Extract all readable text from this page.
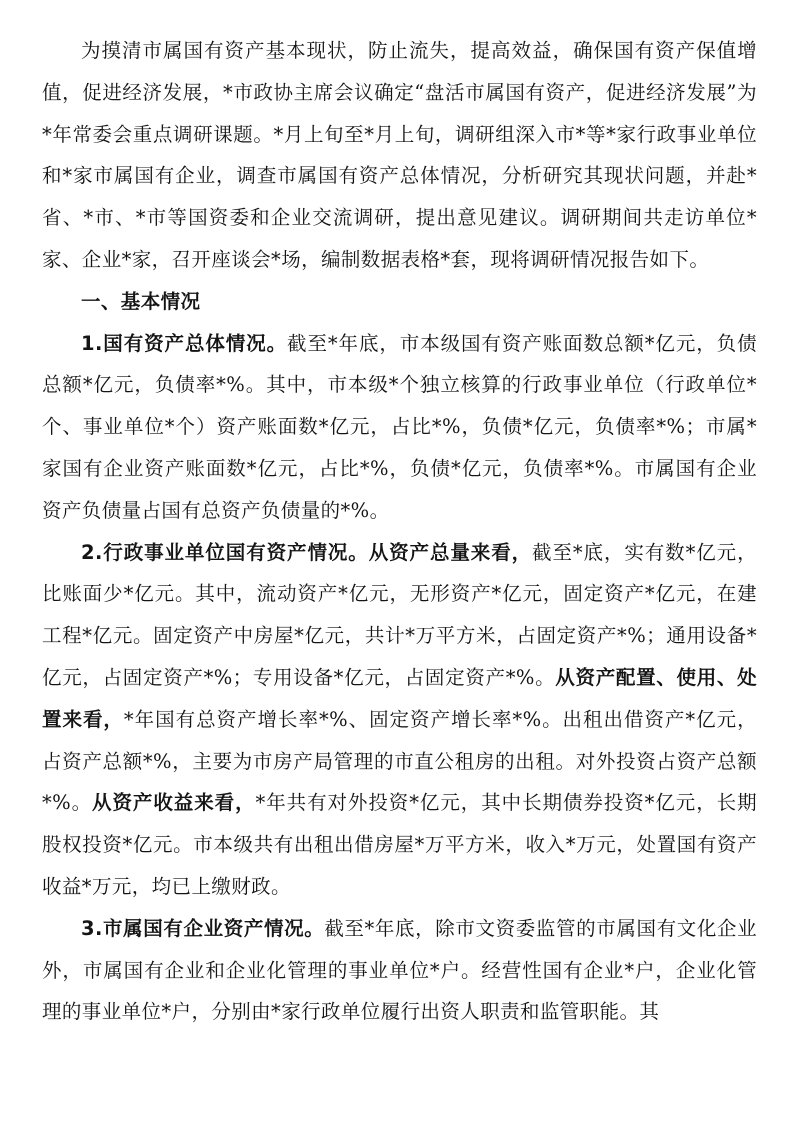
为摸清市属国有资产基本现状，防止流失，提高效益，确保国有资产保值增值，促进经济发展，*市政协主席会议确定“盘活市属国有资产，促进经济发展”为*年常委会重点调研课题。*月上旬至*月上旬，调研组深入市*等*家行政事业单位和*家市属国有企业，调查市属国有资产总体情况，分析研究其现状问题，并赴*省、*市、*市等国资委和企业交流调研，提出意见建议。调研期间共走访单位*家、企业*家，召开座谈会*场，编制数据表格*套，现将调研情况报告如下。

一、基本情况

1.国有资产总体情况。截至*年底，市本级国有资产账面数总额*亿元，负债总额*亿元，负债率*%。其中，市本级*个独立核算的行政事业单位（行政单位*个、事业单位*个）资产账面数*亿元，占比*%，负债*亿元，负债率*%；市属*家国有企业资产账面数*亿元，占比*%，负债*亿元，负债率*%。市属国有企业资产负债量占国有总资产负债量的*%。

2.行政事业单位国有资产情况。从资产总量来看，截至*底，实有数*亿元，比账面少*亿元。其中，流动资产*亿元，无形资产*亿元，固定资产*亿元，在建工程*亿元。固定资产中房屋*亿元，共计*万平方米，占固定资产*%；通用设备*亿元，占固定资产*%；专用设备*亿元，占固定资产*%。从资产配置、使用、处置来看，*年国有总资产增长率*%、固定资产增长率*%。出租出借资产*亿元，占资产总额*%，主要为市房产局管理的市直公租房的出租。对外投资占资产总额*%。从资产收益来看，*年共有对外投资*亿元，其中长期债券投资*亿元，长期股权投资*亿元。市本级共有出租出借房屋*万平方米，收入*万元，处置国有资产收益*万元，均已上缴财政。

3.市属国有企业资产情况。截至*年底，除市文资委监管的市属国有文化企业外，市属国有企业和企业化管理的事业单位*户。经营性国有企业*户，企业化管理的事业单位*户，分别由*家行政单位履行出资人职责和监管职能。其
